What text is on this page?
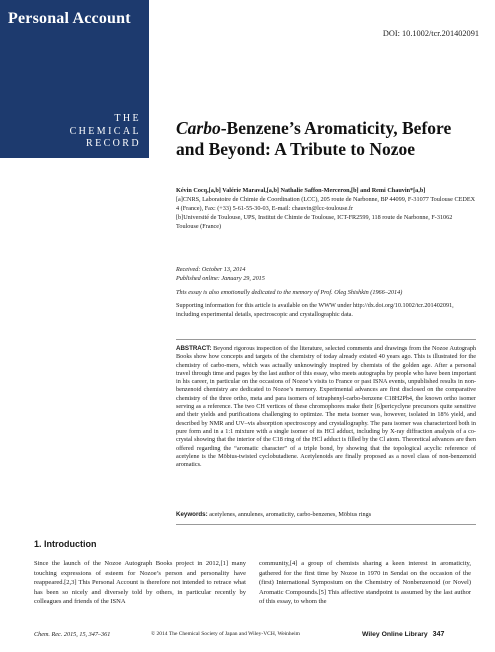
Personal Account
THE
CHEMICAL
RECORD
DOI: 10.1002/tcr.201402091
Carbo-Benzene’s Aromaticity, Before and Beyond: A Tribute to Nozoe

Kévin Cocq,[a,b] Valérie Maraval,[a,b] Nathalie Saffon-Merceron,[b] and Remi Chauvin*[a,b]

[a]CNRS, Laboratoire de Chimie de Coordination (LCC), 205 route de Narbonne, BP 44099, F-31077 Toulouse CEDEX 4 (France), Fax: (+33) 5-61-55-30-03, E-mail: chauvin@lcc-toulouse.fr

[b]Université de Toulouse, UPS, Institut de Chimie de Toulouse, ICT-FR2599, 118 route de Narbonne, F-31062 Toulouse (France)

Received: October 13, 2014

Published online: January 29, 2015

This essay is also emotionally dedicated to the memory of Prof. Oleg Shishkin (1966–2014)

Supporting information for this article is available on the WWW under http://dx.doi.org/10.1002/tcr.201402091, including experimental details, spectroscopic and crystallographic data.
ABSTRACT: Beyond rigorous inspection of the literature, selected comments and drawings from the Nozoe Autograph Books show how concepts and targets of the chemistry of today already existed 40 years ago. This is illustrated for the chemistry of carbo-mers, which was actually unknowingly inspired by chemists of the golden age. After a personal travel through time and pages by the last author of this essay, who meets autographs by people who have been important in his career, in particular on the occasions of Nozoe’s visits to France or past ISNA events, unpublished results in non-benzenoid chemistry are dedicated to Nozoe’s memory. Experimental advances are first disclosed on the comparative chemistry of the three ortho, meta and para isomers of tetraphenyl-carbo-benzene C18H2Ph4, the known ortho isomer serving as a reference. The two CH vertices of these chromophores make their [6]pericyclyne precursors quite sensitive and their yields and purifications challenging to optimize. The meta isomer was, however, isolated in 18% yield, and described by NMR and UV–vis absorption spectroscopy and crystallography. The para isomer was characterized both in pure form and in a 1:1 mixture with a single isomer of its HCl adduct, including by X-ray diffraction analysis of a co-crystal showing that the interior of the C18 ring of the HCl adduct is filled by the Cl atom. Theoretical advances are then offered regarding the “aromatic character” of a triple bond, by showing that the topological acyclic reference of acetylene is the Möbius-twisted cyclobutadiene. Acetylenoids are finally proposed as a novel class of non-benzenoid aromatics.
Keywords: acetylenes, annulenes, aromaticity, carbo-benzenes, Möbius rings
1. Introduction
Since the launch of the Nozoe Autograph Books project in 2012,[1] many touching expressions of esteem for Nozoe’s person and personality have reappeared.[2,3] This Personal Account is therefore not intended to retrace what has been so nicely and diversely told by others, in particular recently by colleagues and friends of the ISNA
community,[4] a group of chemists sharing a keen interest in aromaticity, gathered for the first time by Nozoe in 1970 in Sendai on the occasion of the (first) International Symposium on the Chemistry of Nonbenzenoid (or Novel) Aromatic Compounds.[5] This affective standpoint is assumed by the last author of this essay, to whom the
Chem. Rec. 2015, 15, 347–361	© 2014 The Chemical Society of Japan and Wiley-VCH, Weinheim	Wiley Online Library 347
